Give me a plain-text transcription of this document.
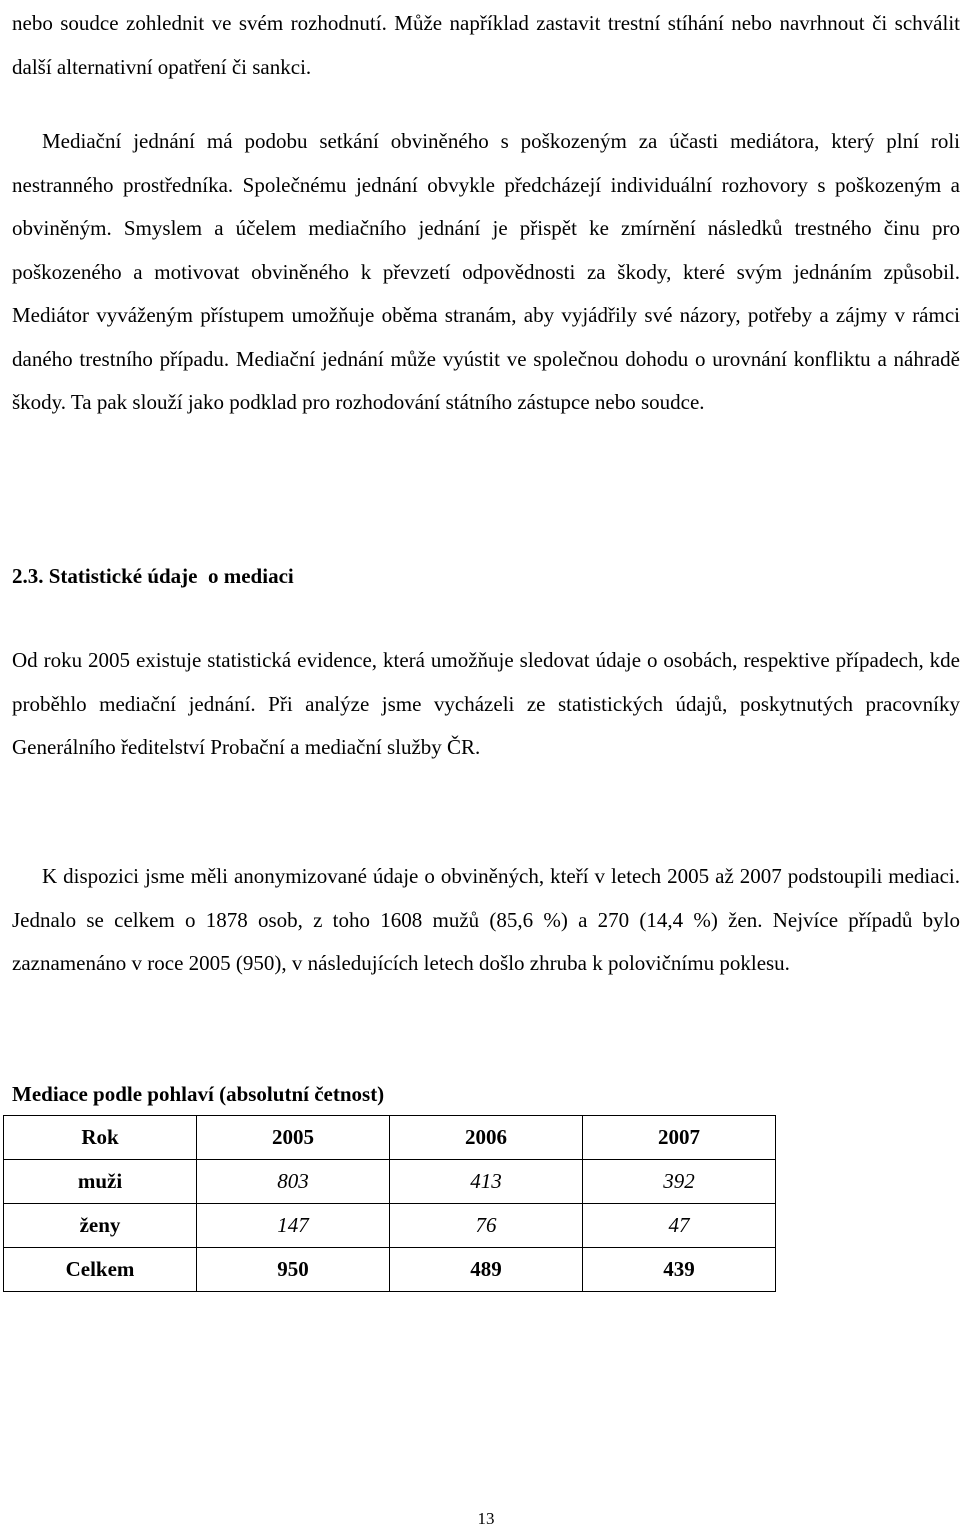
nebo soudce zohlednit ve svém rozhodnutí. Může například zastavit trestní stíhání nebo navrhnout či schválit další alternativní opatření či sankci.

Mediační jednání má podobu setkání obviněného s poškozeným za účasti mediátora, který plní roli nestranného prostředníka. Společnému jednání obvykle předcházejí individuální rozhovory s poškozeným a obviněným. Smyslem a účelem mediačního jednání je přispět ke zmírnění následků trestného činu pro poškozeného a motivovat obviněného k převzetí odpovědnosti za škody, které svým jednáním způsobil. Mediátor vyváženým přístupem umožňuje oběma stranám, aby vyjádřily své názory, potřeby a zájmy v rámci daného trestního případu. Mediační jednání může vyústit ve společnou dohodu o urovnání konfliktu a náhradě škody. Ta pak slouží jako podklad pro rozhodování státního zástupce nebo soudce.

2.3. Statistické údaje  o mediaci

Od roku 2005 existuje statistická evidence, která umožňuje sledovat údaje o osobách, respektive případech, kde proběhlo mediační jednání. Při analýze jsme vycházeli ze statistických údajů, poskytnutých pracovníky Generálního ředitelství Probační a mediační služby ČR.

K dispozici jsme měli anonymizované údaje o obviněných, kteří v letech 2005 až 2007 podstoupili mediaci. Jednalo se celkem o 1878 osob, z toho 1608 mužů (85,6 %) a 270 (14,4 %) žen. Nejvíce případů bylo zaznamenáno v roce 2005 (950), v následujících letech došlo zhruba k polovičnímu poklesu.

Mediace podle pohlaví (absolutní četnost)

Rok	2005	2006	2007
muži	803	413	392
ženy	147	76	47
Celkem	950	489	439

13
